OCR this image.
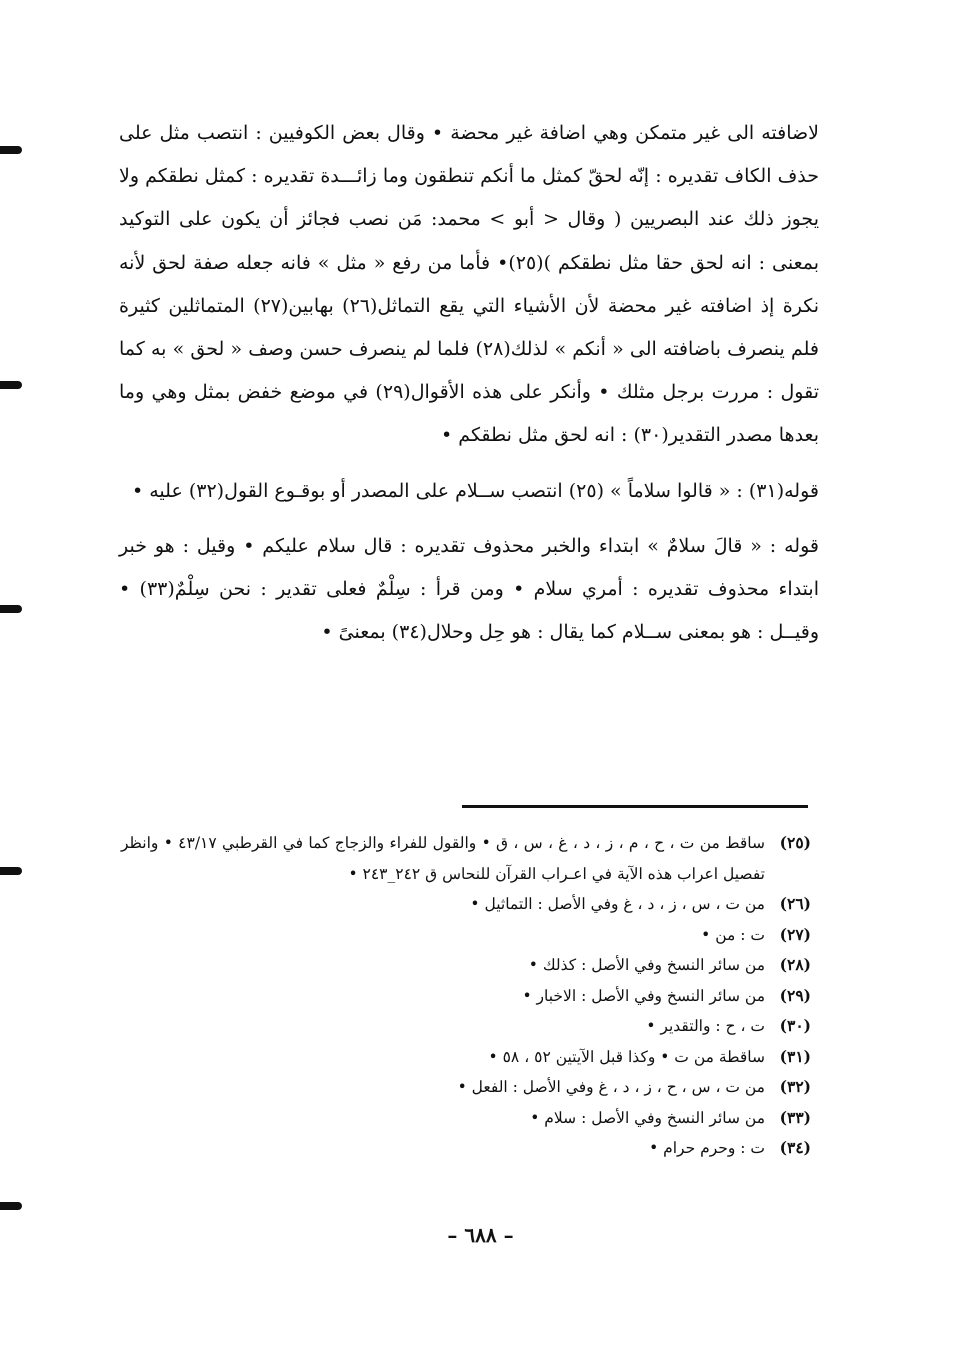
لاضافته الى غير متمكن وهي اضافة غير محضة • وقال بعض الكوفيين : انتصب مثل على حذف الكاف تقديره : إنّه لحقّ كمثل ما أنكم تنطقون وما زائـــدة تقديره : كمثل نطقكم ولا يجوز ذلك عند البصريين ( وقال < أبو > محمد: مَن نصب فجائز أن يكون على التوكيد بمعنى : انه لحق حقا مثل نطقكم )(٢٥)• فأما من رفع « مثل » فانه جعله صفة لحق لأنه نكرة إذ اضافته غير محضة لأن الأشياء التي يقع التماثل(٢٦) بهابين(٢٧) المتماثلين كثيرة فلم ينصرف باضافته الى « أنكم » لذلك(٢٨) فلما لم ينصرف حسن وصف « لحق » به كما تقول : مررت برجل مثلك • وأنكر على هذه الأقوال(٢٩) في موضع خفض بمثل وهي وما بعدها مصدر التقدير(٣٠) : انه لحق مثل نطقكم •

قوله(٣١) : « قالوا سلاماً » (٢٥) انتصب ســلام على المصدر أو بوقـوع القول(٣٢) عليه •

قوله : « قالَ سلامٌ » ابتداء والخبر محذوف تقديره : قال سلام عليكم • وقيل : هو خبر ابتداء محذوف تقديره : أمري سلام • ومن قرأ : سِلْمٌ فعلى تقدير : نحن سِلْمٌ(٣٣) • وقيــل : هو بمعنى ســلام كما يقال : هو حِل وحلال(٣٤) بمعنىً •

(٢٥)
ساقط من ت ، ح ، م ، ز ، د ، غ ، س ، ق • والقول للفراء والزجاج كما في القرطبي ٤٣/١٧ • وانظر تفصيل اعراب هذه الآية في اعـراب القرآن للنحاس ق ٢٤٢_٢٤٣ •
(٢٦)
من ت ، س ، ز ، د ، غ وفي الأصل : التماثيل •
(٢٧)
ت : من •
(٢٨)
من سائر النسخ وفي الأصل : كذلك •
(٢٩)
من سائر النسخ وفي الأصل : الاخبار •
(٣٠)
ت ، ح : والتقدير •
(٣١)
ساقطة من ت • وكذا قبل الآيتين ٥٢ ، ٥٨ •
(٣٢)
من ت ، س ، ح ، ز ، د ، غ وفي الأصل : الفعل •
(٣٣)
من سائر النسخ وفي الأصل : سلام •
(٣٤)
ت : وحرم حرام •
– ٦٨٨ –
